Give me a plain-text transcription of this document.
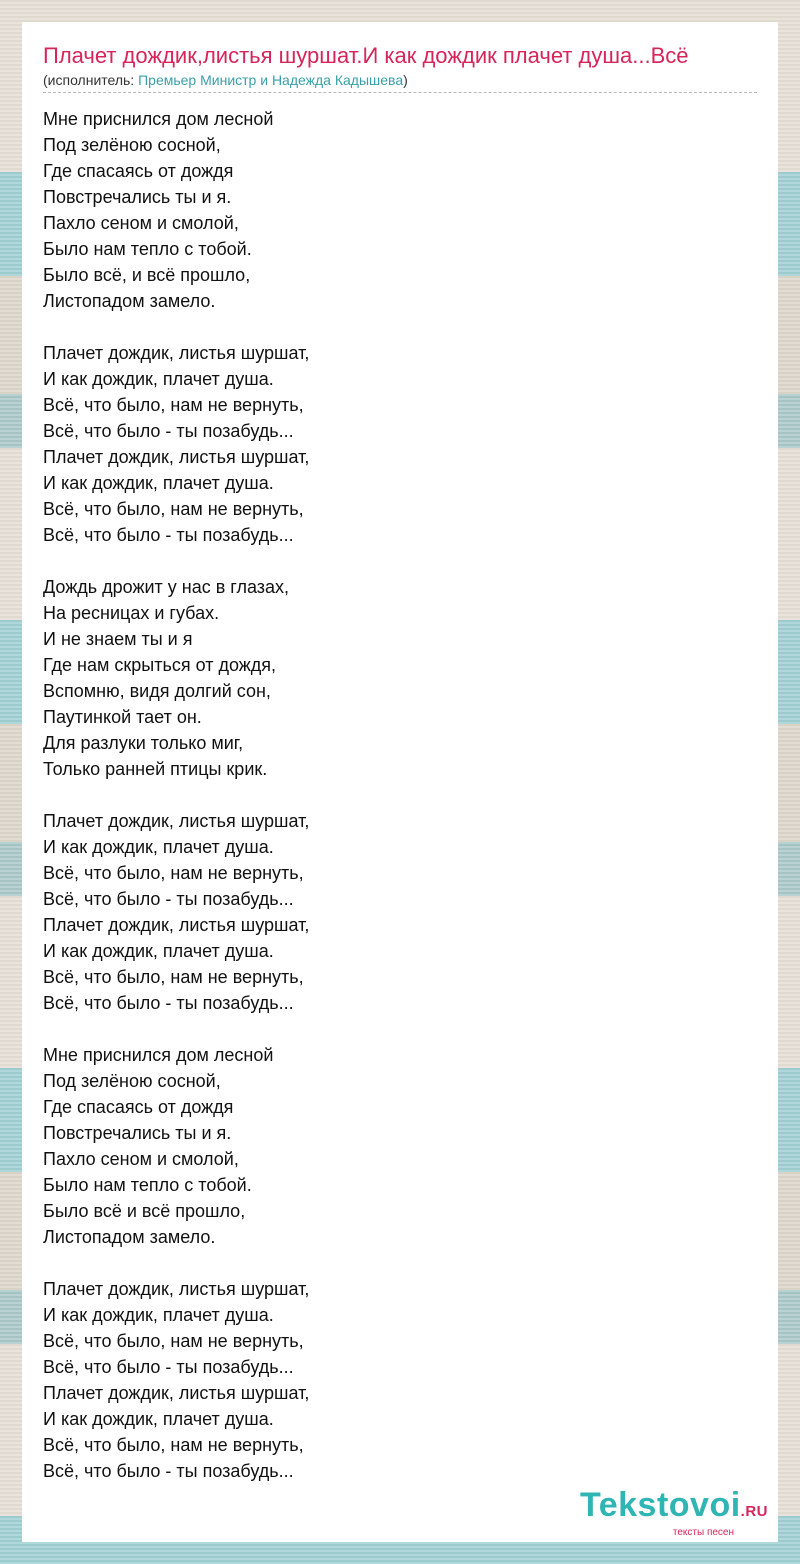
Плачет дождик,листья шуршат.И как дождик плачет душа...Всё
(исполнитель: Премьер Министр и Надежда Кадышева)
Мне приснился дом лесной
Под зелёною сосной,
Где спасаясь от дождя
Повстречались ты и я.
Пахло сеном и смолой,
Было нам тепло с тобой.
Было всё, и всё прошло,
Листопадом замело.
Плачет дождик, листья шуршат,
И как дождик, плачет душа.
Всё, что было, нам не вернуть,
Всё, что было - ты позабудь...
Плачет дождик, листья шуршат,
И как дождик, плачет душа.
Всё, что было, нам не вернуть,
Всё, что было - ты позабудь...
Дождь дрожит у нас в глазах,
На ресницах и губах.
И не знаем ты и я
Где нам скрыться от дождя,
Вспомню, видя долгий сон,
Паутинкой тает он.
Для разлуки только миг,
Только ранней птицы крик.
Плачет дождик, листья шуршат,
И как дождик, плачет душа.
Всё, что было, нам не вернуть,
Всё, что было - ты позабудь...
Плачет дождик, листья шуршат,
И как дождик, плачет душа.
Всё, что было, нам не вернуть,
Всё, что было - ты позабудь...
Мне приснился дом лесной
Под зелёною сосной,
Где спасаясь от дождя
Повстречались ты и я.
Пахло сеном и смолой,
Было нам тепло с тобой.
Было всё и всё прошло,
Листопадом замело.
Плачет дождик, листья шуршат,
И как дождик, плачет душа.
Всё, что было, нам не вернуть,
Всё, что было - ты позабудь...
Плачет дождик, листья шуршат,
И как дождик, плачет душа.
Всё, что было, нам не вернуть,
Всё, что было - ты позабудь...
Tekstovoi.RU
тексты песен
